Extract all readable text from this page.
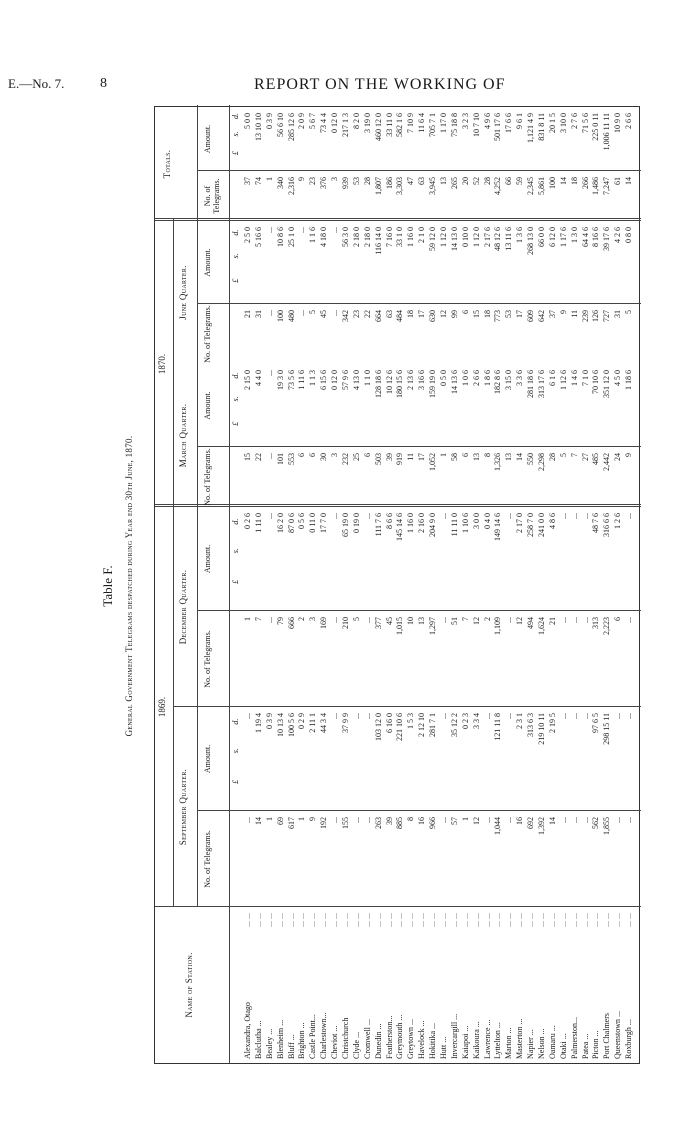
E.—No. 7.	8	REPORT ON THE WORKING OF
Table F. General Government Telegrams despatched during Year end 30th June, 1870.
Name of Station.
1869.
1870.
September Quarter.
No. of Telegrams.
Amount.
£
s.
d.
December Quarter.
No. of Telegrams.
Amount.
£
s.
d.
March Quarter.
No. of Telegrams.
Amount.
£
s.
d.
June Quarter.
No. of Telegrams.
Amount.
£
s.
d.
Totals.
No. of Telegrams.
Amount. £
s.
d.
Alexandra, Otago
... ...
...
...
1
0 2 6
15
2 15 0
21
2 5 0
37
5 0 0
Balclutha ...
... ...
14
1 19 4
7
1 11 0
22
4 4 0
31
5 16 6
74
13 10 10
Bealey ...
... ...
1
0 3 9
...
...
...
...
...
...
1
0 3 9
Blenheim ...
... ...
69
10 13 4
79
16 2 0
101
19 3 0
100
10 8 6
340
56 6 10
Bluff ...
... ...
617
100 5 6
666
87 0 6
553
73 5 6
480
25 1 0
2,316
285 12 6
Brighton ...
... ...
1
0 2 9
2
0 5 6
6
1 11 6
...
...
9
2 0 9
Castle Point...
... ...
9
2 11 1
3
0 11 0
6
1 1 3
5
1 1 6
23
5 6 7
Charlestown...
... ...
192
44 3 4
169
17 7 0
30
6 15 6
45
4 18 0
376
73 4 4
Cheviot ...
... ...
...
...
...
...
3
0 12 0
...
...
3
0 12 0
Christchurch
... ...
155
37 9 9
210
65 19 0
232
57 9 6
342
56 3 0
939
217 1 3
Clyde ...
... ...
...
...
5
0 19 0
25
4 13 0
23
2 18 0
53
8 2 0
Cromwell ...
... ...
...
...
...
...
6
1 1 0
22
2 18 0
28
3 19 0
Dunedin ...
... ...
263
103 12 0
377
111 7 6
503
128 18 6
664
116 14 0
1,807
460 12 0
Featherston...
... ...
39
6 16 0
45
8 6 6
39
10 12 6
63
7 16 0
186
33 11 0
Greymouth ...
... ...
885
221 10 6
1,015
145 14 6
919
180 15 6
484
33 1 0
3,303
582 1 6
Greytown ...
... ...
8
1 5 3
10
1 16 0
11
2 13 6
18
1 16 0
47
7 10 9
Havelock ...
... ...
16
2 12 10
13
2 16 0
17
3 16 6
17
2 1 0
63
11 6 4
Hokitika ...
... ...
966
281 7 1
1,297
204 9 0
1,052
159 19 0
630
59 12 0
3,945
705 7 1
Hutt ...
... ...
...
...
...
...
1
0 5 0
12
1 12 0
13
1 17 0
Invercargill ...
... ...
57
35 12 2
51
11 11 0
58
14 13 6
99
14 13 0
265
75 18 8
Kaiapoi ...
... ...
1
0 2 3
7
1 10 6
6
1 0 6
6
0 10 0
20
3 2 3
Kaikoura ...
... ...
12
3 3 4
12
3 0 0
13
2 6 6
15
1 12 0
52
10 7 10
Lawrence ...
... ...
...
...
2
0 4 0
8
1 8 6
18
2 17 6
28
4 9 6
Lyttelton ...
... ...
1,044
121 11 8
1,109
149 14 6
1,326
182 8 6
773
48 12 6
4,252
501 17 6
Marton ...
... ...
...
...
...
...
13
3 15 0
53
13 11 6
66
17 6 6
Masterton ...
... ...
16
2 3 1
12
2 17 0
14
3 3 6
17
1 3 6
59
9 6 1
Napier ...
... ...
692
313 6 3
494
258 7 0
550
281 18 6
609
268 13 0
2,345
1,121 4 9
Nelson ...
... ...
1,392
219 10 11
1,624
241 0 0
2,298
313 17 6
642
66 0 0
5,861
831 8 11
Oamaru ...
... ...
14
2 19 5
21
4 8 6
28
6 1 6
37
6 12 0
100
20 1 5
Otaki ...
... ...
...
...
...
...
5
1 12 6
9
1 17 6
14
3 10 0
Palmerston...
... ...
...
...
...
...
7
1 4 6
11
1 3 0
18
2 7 6
Patea ...
... ...
...
...
...
...
27
7 1 0
239
64 4 6
266
71 5 6
Picton ...
... ...
562
97 6 5
313
48 7 6
485
70 10 6
126
8 16 6
1,486
225 0 11
Port Chalmers
... ...
1,855
298 15 11
2,223
316 6 6
2,442
351 12 0
727
39 17 6
7,247
1,006 11 11
Queenstown ...
... ...
...
...
6
1 2 6
24
4 5 0
31
4 2 6
61
10 9 0
Roxburgh ...
... ...
...
...
...
...
9
1 18 6
5
0 8 0
14
2 6 6
